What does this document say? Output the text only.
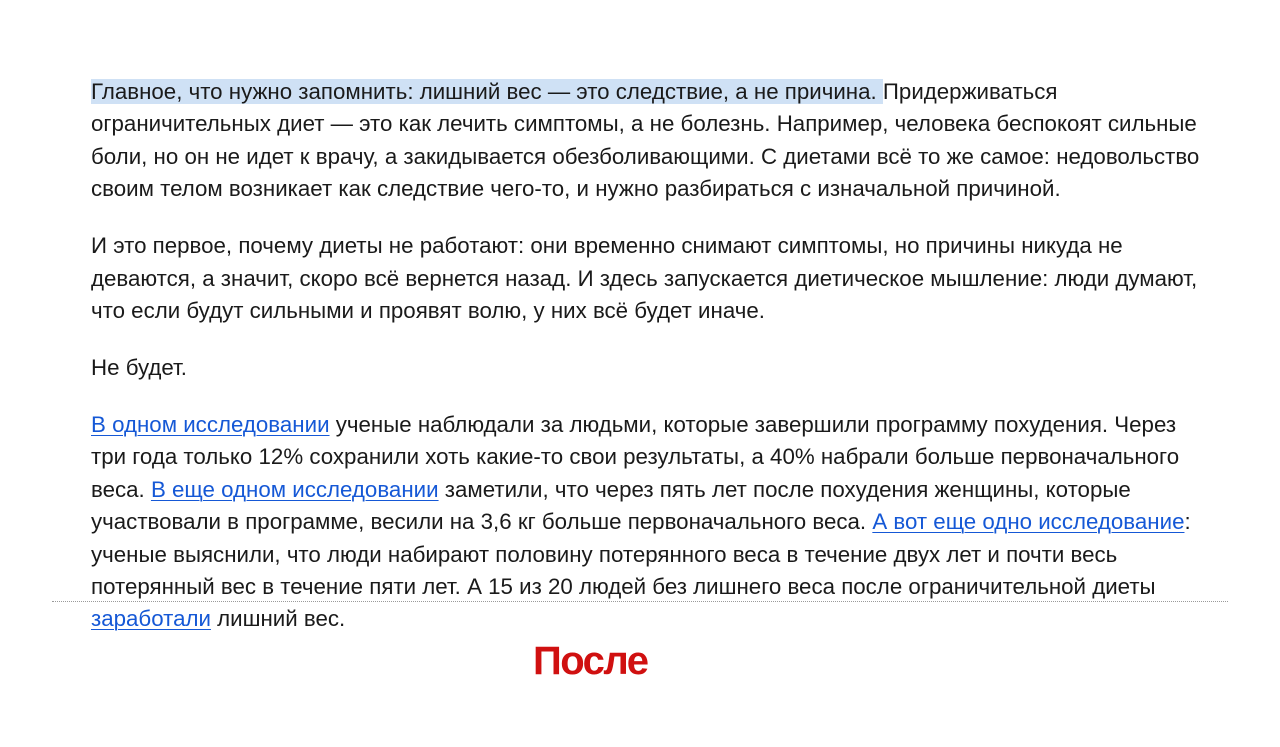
Главное, что нужно запомнить: лишний вес — это следствие, а не причина. Придерживаться ограничительных диет — это как лечить симптомы, а не болезнь. Например, человека беспокоят сильные боли, но он не идет к врачу, а закидывается обезболивающими. С диетами всё то же самое: недовольство своим телом возникает как следствие чего-то, и нужно разбираться с изначальной причиной.

И это первое, почему диеты не работают: они временно снимают симптомы, но причины никуда не деваются, а значит, скоро всё вернется назад. И здесь запускается диетическое мышление: люди думают, что если будут сильными и проявят волю, у них всё будет иначе.

Не будет.

В одном исследовании ученые наблюдали за людьми, которые завершили программу похудения. Через три года только 12% сохранили хоть какие-то свои результаты, а 40% набрали больше первоначального веса. В еще одном исследовании заметили, что через пять лет после похудения женщины, которые участвовали в программе, весили на 3,6 кг больше первоначального веса. А вот еще одно исследование: ученые выяснили, что люди набирают половину потерянного веса в течение двух лет и почти весь потерянный вес в течение пяти лет. А 15 из 20 людей без лишнего веса после ограничительной диеты заработали лишний вес.

После
